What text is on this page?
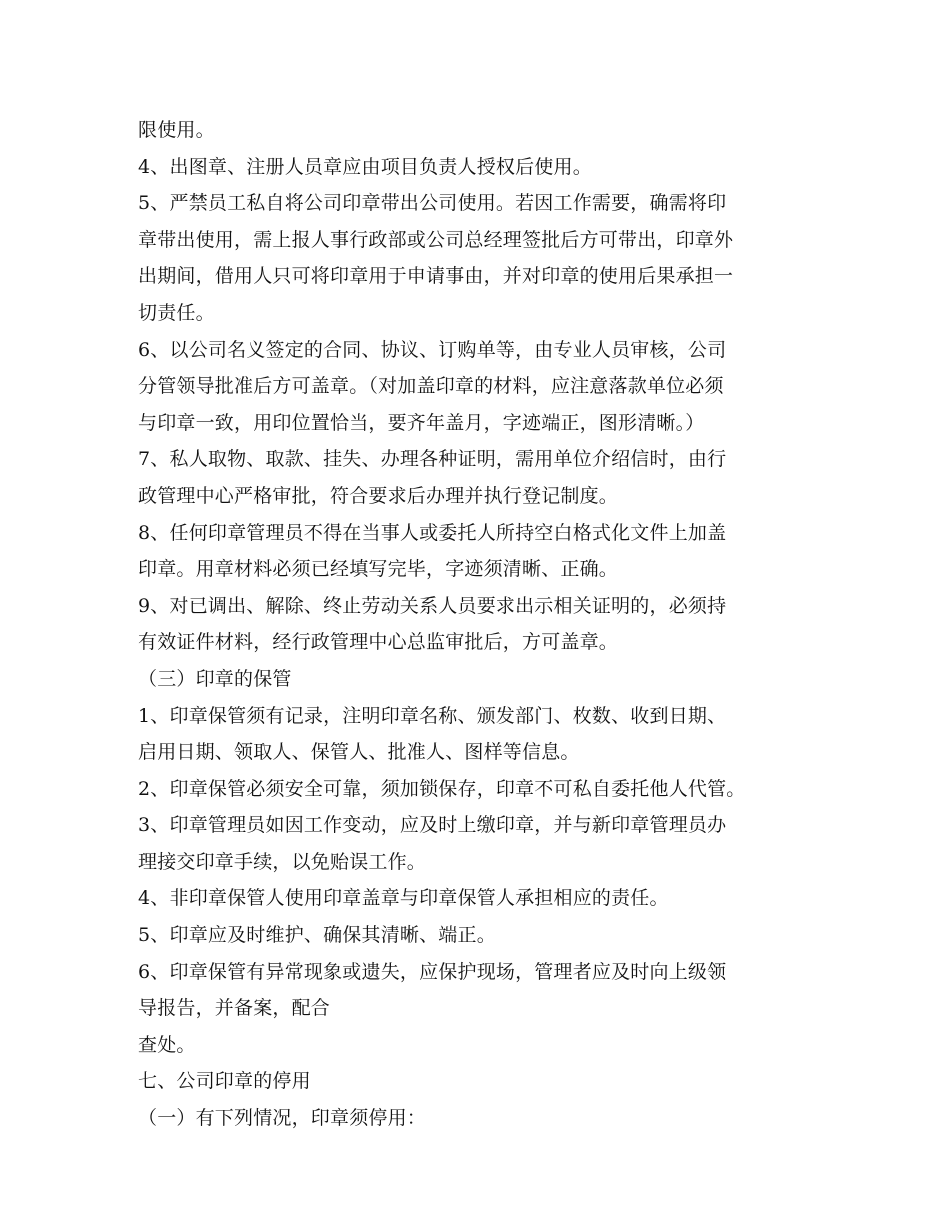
限使用。
4、出图章、注册人员章应由项目负责人授权后使用。
5、严禁员工私自将公司印章带出公司使用。若因工作需要，确需将印
章带出使用，需上报人事行政部或公司总经理签批后方可带出，印章外
出期间，借用人只可将印章用于申请事由，并对印章的使用后果承担一
切责任。
6、以公司名义签定的合同、协议、订购单等，由专业人员审核，公司
分管领导批准后方可盖章。（对加盖印章的材料，应注意落款单位必须
与印章一致，用印位置恰当，要齐年盖月，字迹端正，图形清晰。）
7、私人取物、取款、挂失、办理各种证明，需用单位介绍信时，由行
政管理中心严格审批，符合要求后办理并执行登记制度。
8、任何印章管理员不得在当事人或委托人所持空白格式化文件上加盖
印章。用章材料必须已经填写完毕，字迹须清晰、正确。
9、对已调出、解除、终止劳动关系人员要求出示相关证明的，必须持
有效证件材料，经行政管理中心总监审批后，方可盖章。
（三）印章的保管
1、印章保管须有记录，注明印章名称、颁发部门、枚数、收到日期、
启用日期、领取人、保管人、批准人、图样等信息。
2、印章保管必须安全可靠，须加锁保存，印章不可私自委托他人代管。
3、印章管理员如因工作变动，应及时上缴印章，并与新印章管理员办
理接交印章手续，以免贻误工作。
4、非印章保管人使用印章盖章与印章保管人承担相应的责任。
5、印章应及时维护、确保其清晰、端正。
6、印章保管有异常现象或遗失，应保护现场，管理者应及时向上级领
导报告，并备案，配合
查处。
七、公司印章的停用
（一）有下列情况，印章须停用：
